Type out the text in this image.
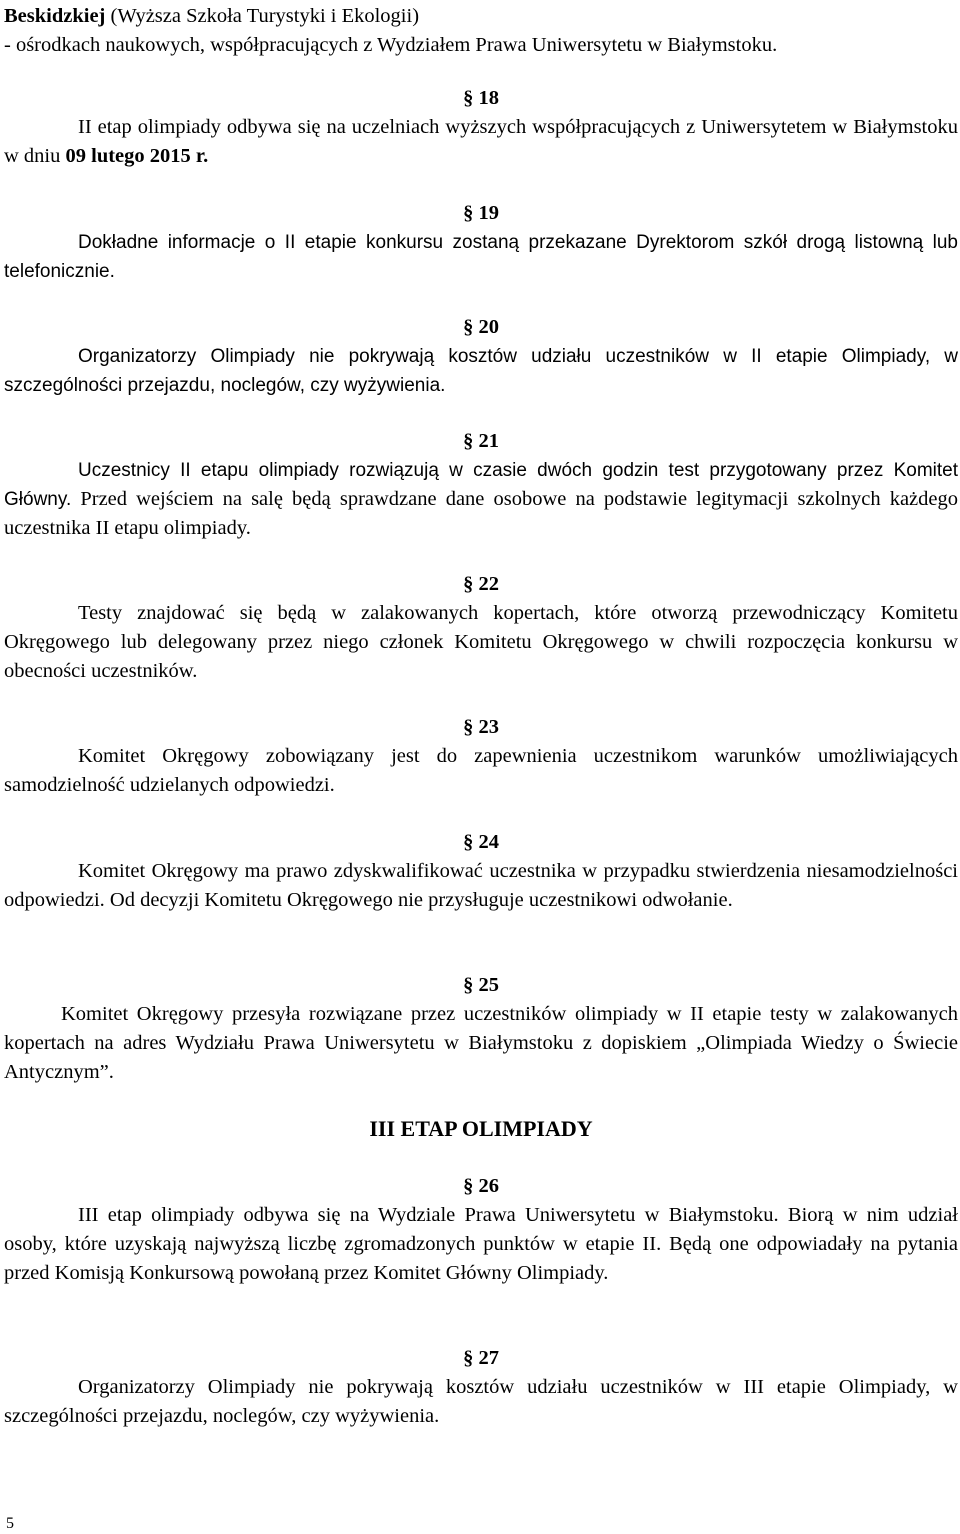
Beskidzkiej (Wyższa Szkoła Turystyki i Ekologii)
- ośrodkach naukowych, współpracujących z Wydziałem Prawa Uniwersytetu w Białymstoku.
§ 18
II etap olimpiady odbywa się na uczelniach wyższych współpracujących z Uniwersytetem w Białymstoku w dniu 09 lutego 2015 r.
§ 19
Dokładne informacje o II etapie konkursu zostaną przekazane Dyrektorom szkół drogą listowną lub telefonicznie.
§ 20
Organizatorzy Olimpiady nie pokrywają kosztów udziału uczestników w II etapie Olimpiady, w szczególności przejazdu, noclegów, czy wyżywienia.
§ 21
Uczestnicy II etapu olimpiady rozwiązują w czasie dwóch godzin test przygotowany przez Komitet Główny. Przed wejściem na salę będą sprawdzane dane osobowe na podstawie legitymacji szkolnych każdego uczestnika II etapu olimpiady.
§ 22
Testy znajdować się będą w zalakowanych kopertach, które otworzą przewodniczący Komitetu Okręgowego lub delegowany przez niego członek Komitetu Okręgowego w chwili rozpoczęcia konkursu w obecności uczestników.
§ 23
Komitet Okręgowy zobowiązany jest do zapewnienia uczestnikom warunków umożliwiających samodzielność udzielanych odpowiedzi.
§ 24
Komitet Okręgowy ma prawo zdyskwalifikować uczestnika w przypadku stwierdzenia niesamodzielności odpowiedzi. Od decyzji Komitetu Okręgowego nie przysługuje uczestnikowi odwołanie.
§ 25
Komitet Okręgowy przesyła rozwiązane przez uczestników olimpiady w II etapie testy w zalakowanych kopertach na adres Wydziału Prawa Uniwersytetu w Białymstoku z dopiskiem „Olimpiada Wiedzy o Świecie Antycznym”.
III ETAP OLIMPIADY
§ 26
III etap olimpiady odbywa się na Wydziale Prawa Uniwersytetu w Białymstoku. Biorą w nim udział osoby, które uzyskają najwyższą liczbę zgromadzonych punktów w etapie II. Będą one odpowiadały na pytania przed Komisją Konkursową powołaną przez Komitet Główny Olimpiady.
§ 27
Organizatorzy Olimpiady nie pokrywają kosztów udziału uczestników w III etapie Olimpiady, w szczególności przejazdu, noclegów, czy wyżywienia.
5
